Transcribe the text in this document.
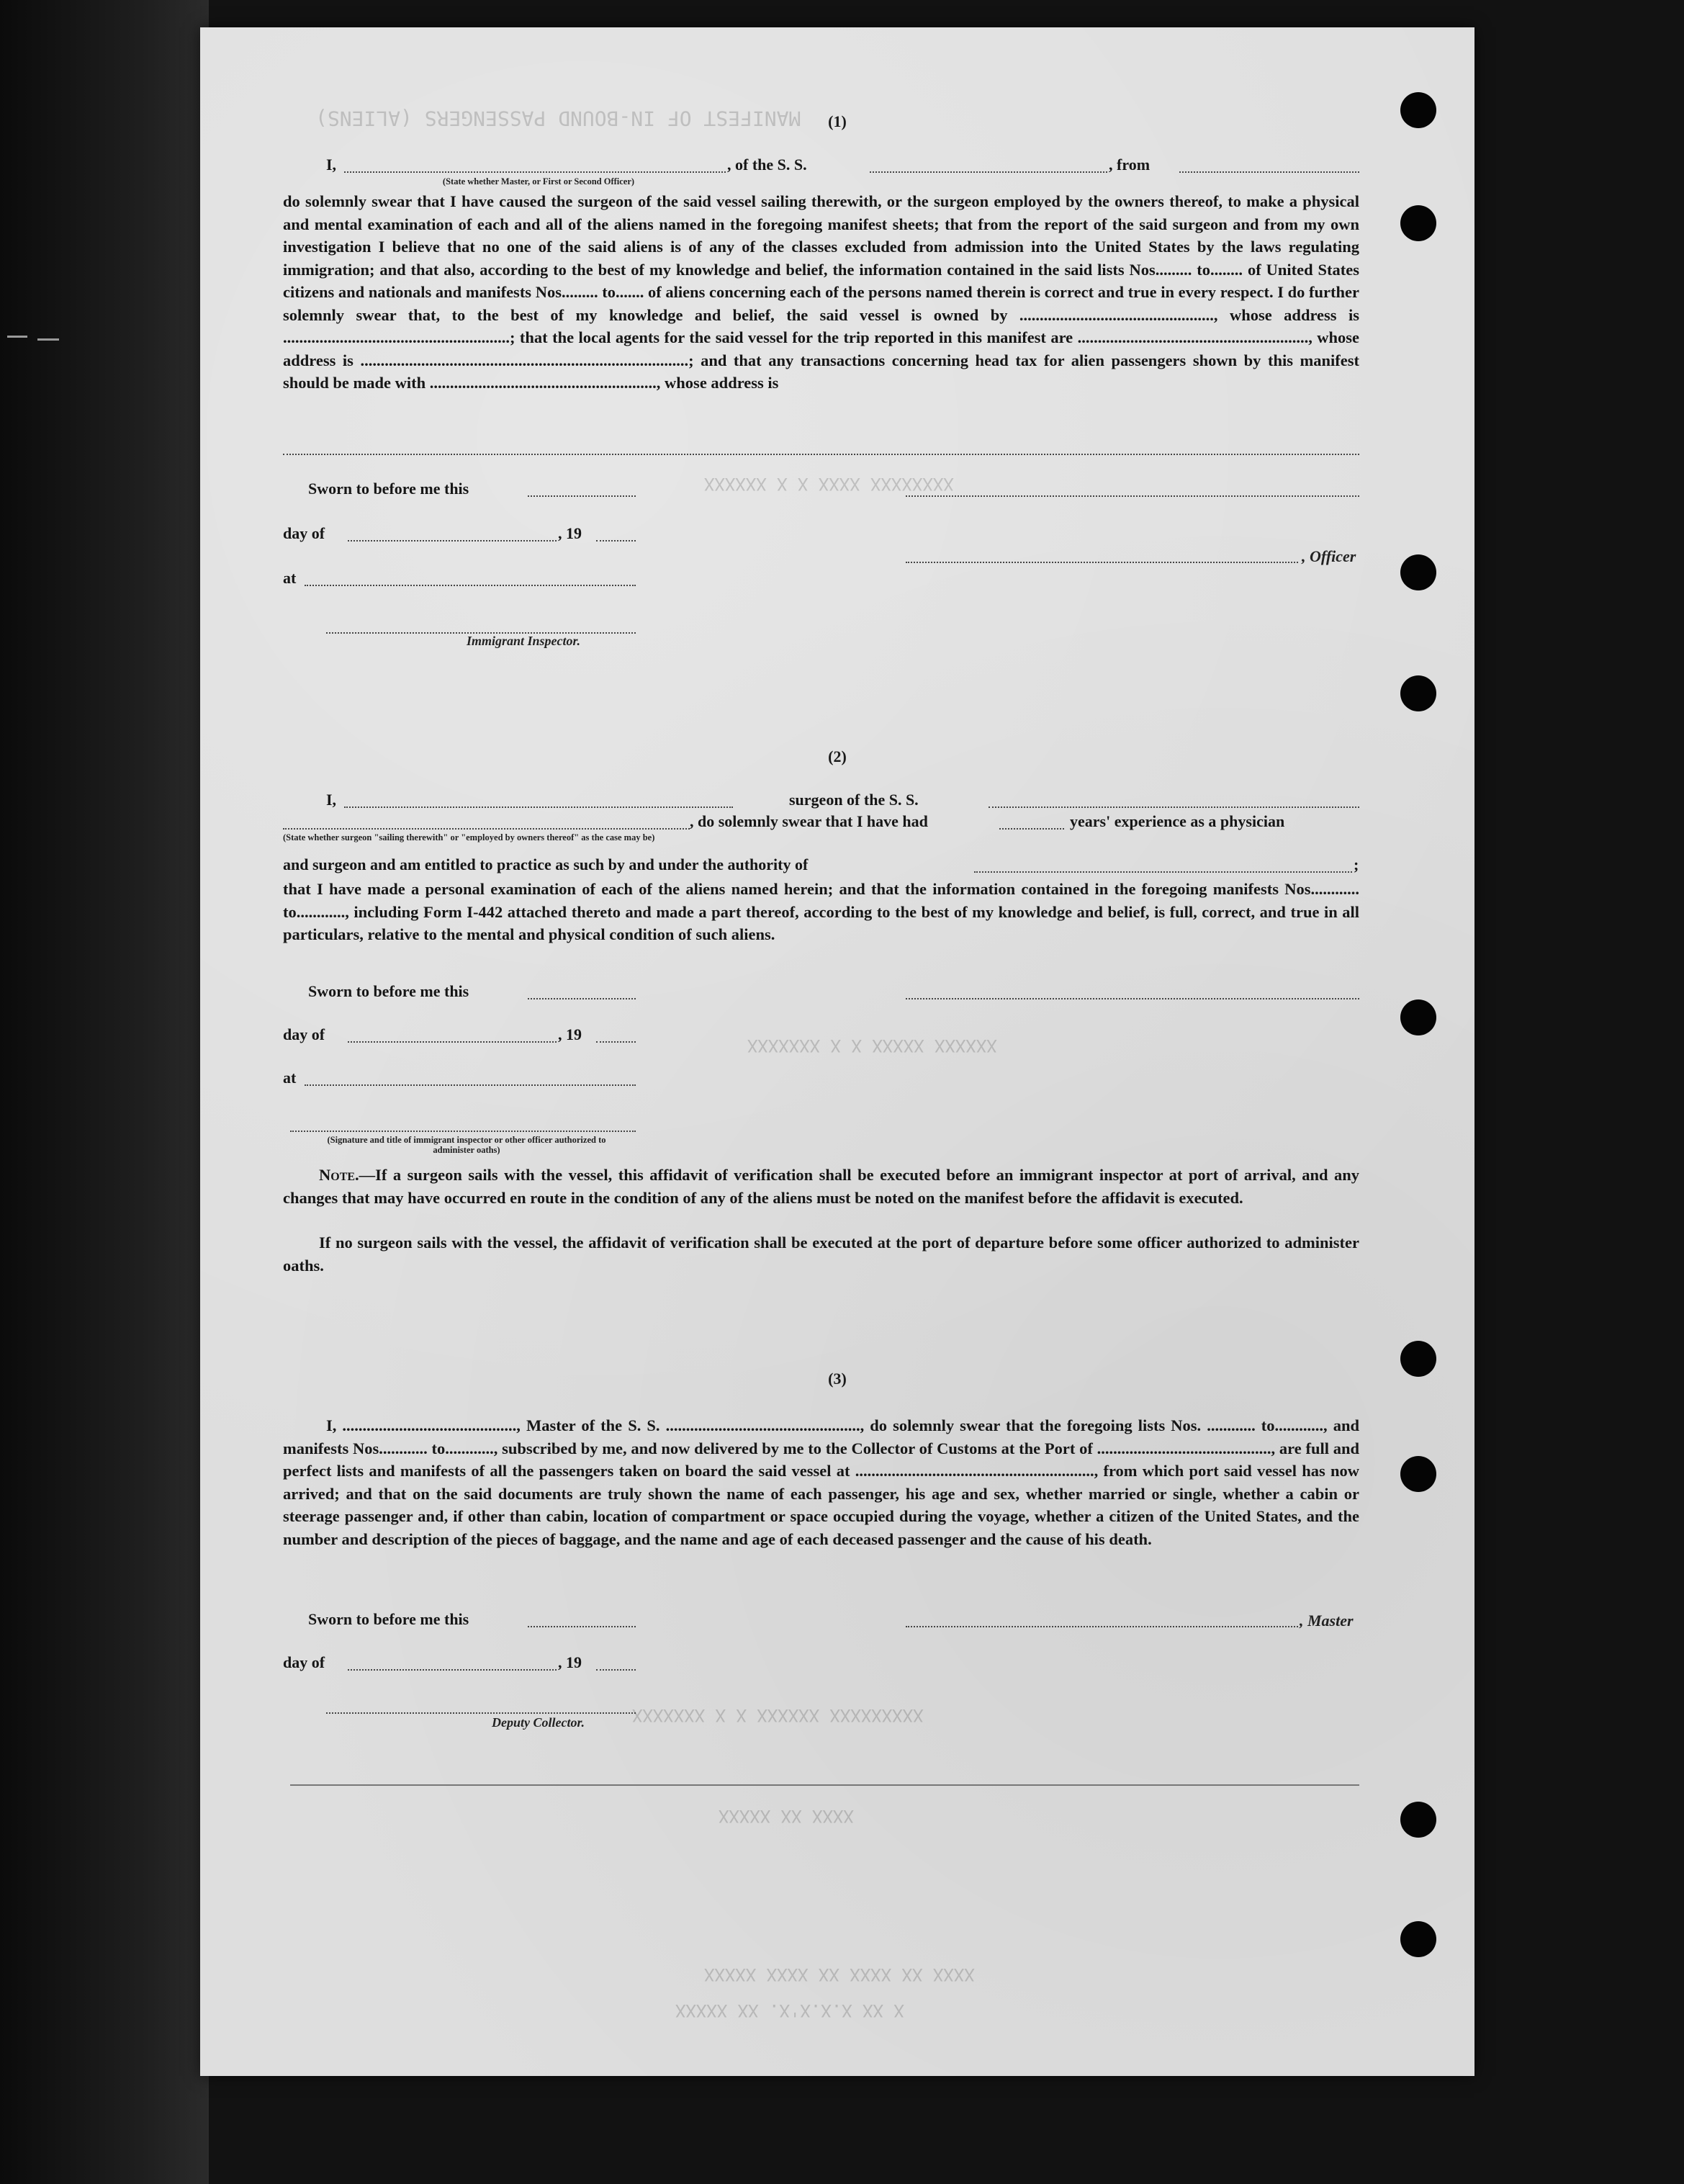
MANIFEST OF IN-BOUND PASSENGERS (ALIENS)
XXXXXXXX XXXX X X XXXXXX
XXXXXX XXXXX X X XXXXXXX
XXXXXXXXX XXXXXX X X XXXXXXX
XXXX XX XXXXX
XXXX XX XXXX XX XXXX XXXXX
X XX X.X.X'X. XX XXXXX
(1)
I,	, of the S. S.	, from
(State whether Master, or First or Second Officer)
do solemnly swear that I have caused the surgeon of the said vessel sailing therewith, or the surgeon employed by the owners thereof, to make a physical and mental examination of each and all of the aliens named in the foregoing manifest sheets; that from the report of the said surgeon and from my own investigation I believe that no one of the said aliens is of any of the classes excluded from admission into the United States by the laws regulating immigration; and that also, according to the best of my knowledge and belief, the information contained in the said lists Nos......... to........ of United States citizens and nationals and manifests Nos......... to....... of aliens concerning each of the persons named therein is correct and true in every respect. I do further solemnly swear that, to the best of my knowledge and belief, the said vessel is owned by ................................................, whose address is ........................................................; that the local agents for the said vessel for the trip reported in this manifest are ........................................................., whose address is .................................................................................; and that any transactions concerning head tax for alien passengers shown by this manifest should be made with ........................................................, whose address is
Sworn to before me this
day of	, 19
, Officer
at
Immigrant Inspector.
(2)
I,	surgeon of the S. S.
, do solemnly swear that I have had	years' experience as a physician
(State whether surgeon "sailing therewith" or "employed by owners thereof" as the case may be)
and surgeon and am entitled to practice as such by and under the authority of	;
that I have made a personal examination of each of the aliens named herein; and that the information contained in the foregoing manifests Nos............ to............, including Form I-442 attached thereto and made a part thereof, according to the best of my knowledge and belief, is full, correct, and true in all particulars, relative to the mental and physical condition of such aliens.
Sworn to before me this
day of	, 19
at
(Signature and title of immigrant inspector or other officer authorized to administer oaths)
Note.—If a surgeon sails with the vessel, this affidavit of verification shall be executed before an immigrant inspector at port of arrival, and any changes that may have occurred en route in the condition of any of the aliens must be noted on the manifest before the affidavit is executed.
If no surgeon sails with the vessel, the affidavit of verification shall be executed at the port of departure before some officer authorized to administer oaths.
(3)
I, ..........................................., Master of the S. S. ................................................, do solemnly swear that the foregoing lists Nos. ............ to............, and manifests Nos............ to............, subscribed by me, and now delivered by me to the Collector of Customs at the Port of ..........................................., are full and perfect lists and manifests of all the passengers taken on board the said vessel at ..........................................................., from which port said vessel has now arrived; and that on the said documents are truly shown the name of each passenger, his age and sex, whether married or single, whether a cabin or steerage passenger and, if other than cabin, location of compartment or space occupied during the voyage, whether a citizen of the United States, and the number and description of the pieces of baggage, and the name and age of each deceased passenger and the cause of his death.
Sworn to before me this	, Master
day of	, 19
Deputy Collector.
